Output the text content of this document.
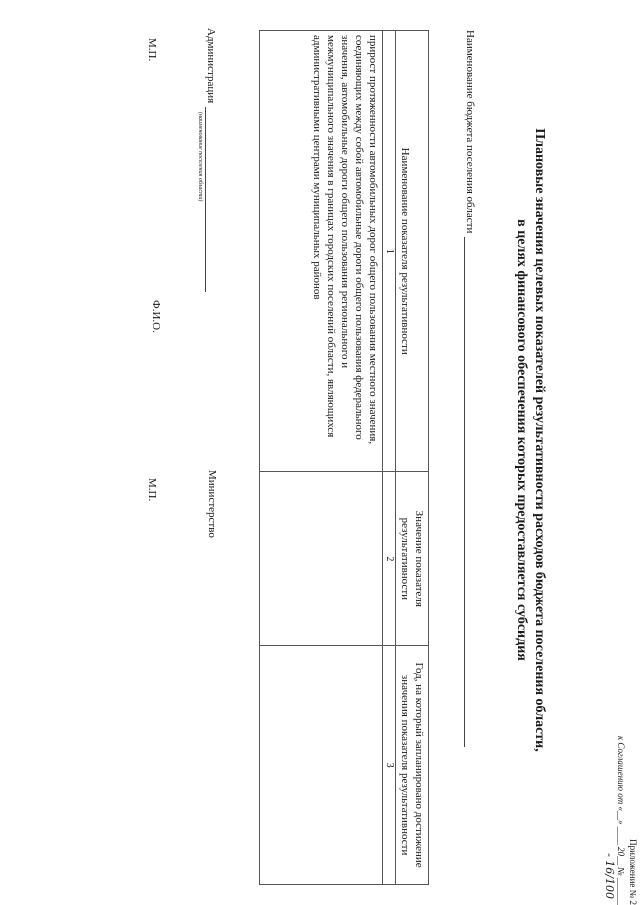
Приложение № 2
к Соглашению от «__» ____ 20__ № ______
- 16/100
Плановые значения целевых показателей результативности расходов бюджета поселения области,
в целях финансового обеспечения которых предоставляется субсидия
Наименование бюджета поселения области
Наименование показателя результативности	Значение показателя результативности	Год, на который запланировано достижение значения показателя результативности
1	2	3
прирост протяженности автомобильных дорог общего пользования местного значения, соединяющих между собой автомобильные дороги общего пользования федерального значения, автомобильные дороги общего пользования регионального и межмуниципального значения в границах городских поселений области, являющихся административными центрами муниципальных районов		
Администрация
(наименование поселения области)
М.П.
Ф.И.О.
Министерство
М.П.
